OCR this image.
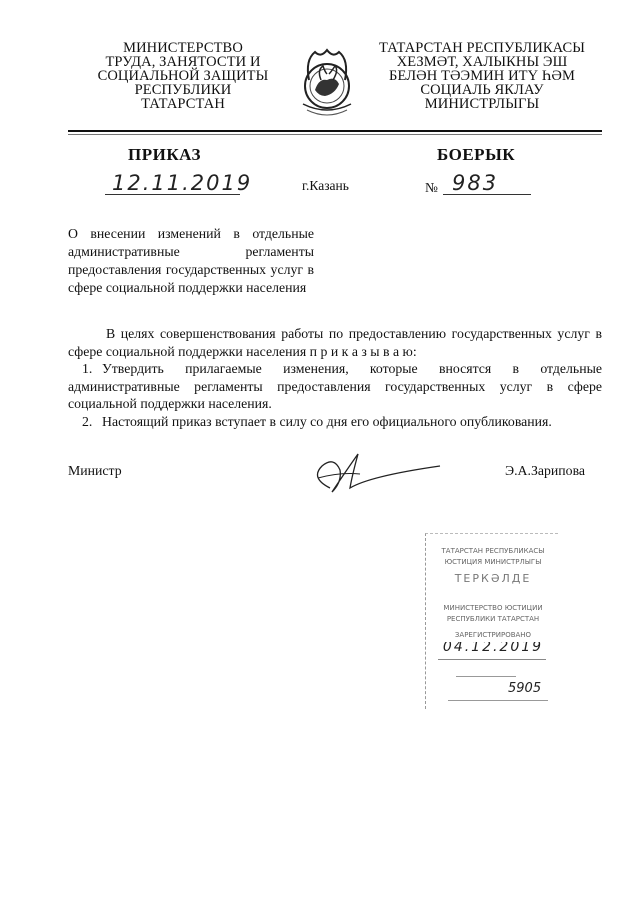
МИНИСТЕРСТВО
ТРУДА, ЗАНЯТОСТИ И
СОЦИАЛЬНОЙ ЗАЩИТЫ
РЕСПУБЛИКИ
ТАТАРСТАН
ТАТАРСТАН РЕСПУБЛИКАСЫ
ХЕЗМӘТ, ХАЛЫКНЫ ЭШ
БЕЛӘН ТӘЭМИН ИТҮ ҺӘМ
СОЦИАЛЬ ЯКЛАУ
МИНИСТРЛЫГЫ
ПРИКАЗ	БОЕРЫК
12.11.2019	г.Казань	№ 983
О внесении изменений в отдельные административные регламенты предоставления государственных услуг в сфере социальной поддержки населения
В целях совершенствования работы по предоставлению государственных услуг в сфере социальной поддержки населения п р и к а з ы в а ю:
1. Утвердить прилагаемые изменения, которые вносятся в отдельные административные регламенты предоставления государственных услуг в сфере социальной поддержки населения.
2. Настоящий приказ вступает в силу со дня его официального опубликования.
Министр	Э.А.Зарипова
ТАТАРСТАН РЕСПУБЛИКАСЫ
ЮСТИЦИЯ МИНИСТРЛЫГЫ
ТЕРКӘЛДЕ
МИНИСТЕРСТВО ЮСТИЦИИ
РЕСПУБЛИКИ ТАТАРСТАН
ЗАРЕГИСТРИРОВАНО
04.12.2019
5905
